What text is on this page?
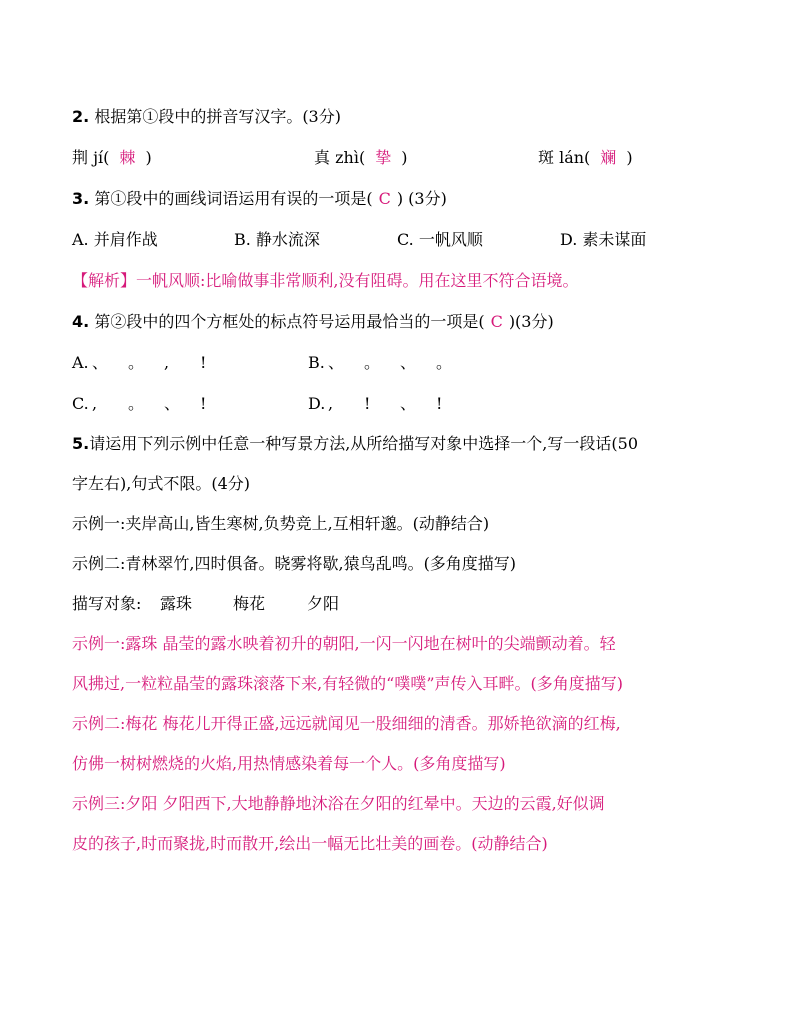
2. 根据第①段中的拼音写汉字。(3分)
荆 jí( 棘 )	真 zhì( 挚 )	斑 lán( 斓 )
3. 第①段中的画线词语运用有误的一项是( C ) (3分)
A. 并肩作战	B. 静水流深	C. 一帆风顺	D. 素未谋面
【解析】一帆风顺:比喻做事非常顺利,没有阻碍。用在这里不符合语境。
4. 第②段中的四个方框处的标点符号运用最恰当的一项是( C )(3分)
A. 、 。 , !	B. 、 。 、 。
C. , 。 、 !	D. , ! 、 !
5.请运用下列示例中任意一种写景方法,从所给描写对象中选择一个,写一段话(50
字左右),句式不限。(4分)
示例一:夹岸高山,皆生寒树,负势竞上,互相轩邈。(动静结合)
示例二:青林翠竹,四时俱备。晓雾将歇,猿鸟乱鸣。(多角度描写)
描写对象: 露珠	梅花	夕阳
示例一:露珠 晶莹的露水映着初升的朝阳,一闪一闪地在树叶的尖端颤动着。轻
风拂过,一粒粒晶莹的露珠滚落下来,有轻微的“噗噗”声传入耳畔。(多角度描写)
示例二:梅花 梅花儿开得正盛,远远就闻见一股细细的清香。那娇艳欲滴的红梅,
仿佛一树树燃烧的火焰,用热情感染着每一个人。(多角度描写)
示例三:夕阳 夕阳西下,大地静静地沐浴在夕阳的红晕中。天边的云霞,好似调
皮的孩子,时而聚拢,时而散开,绘出一幅无比壮美的画卷。(动静结合)
